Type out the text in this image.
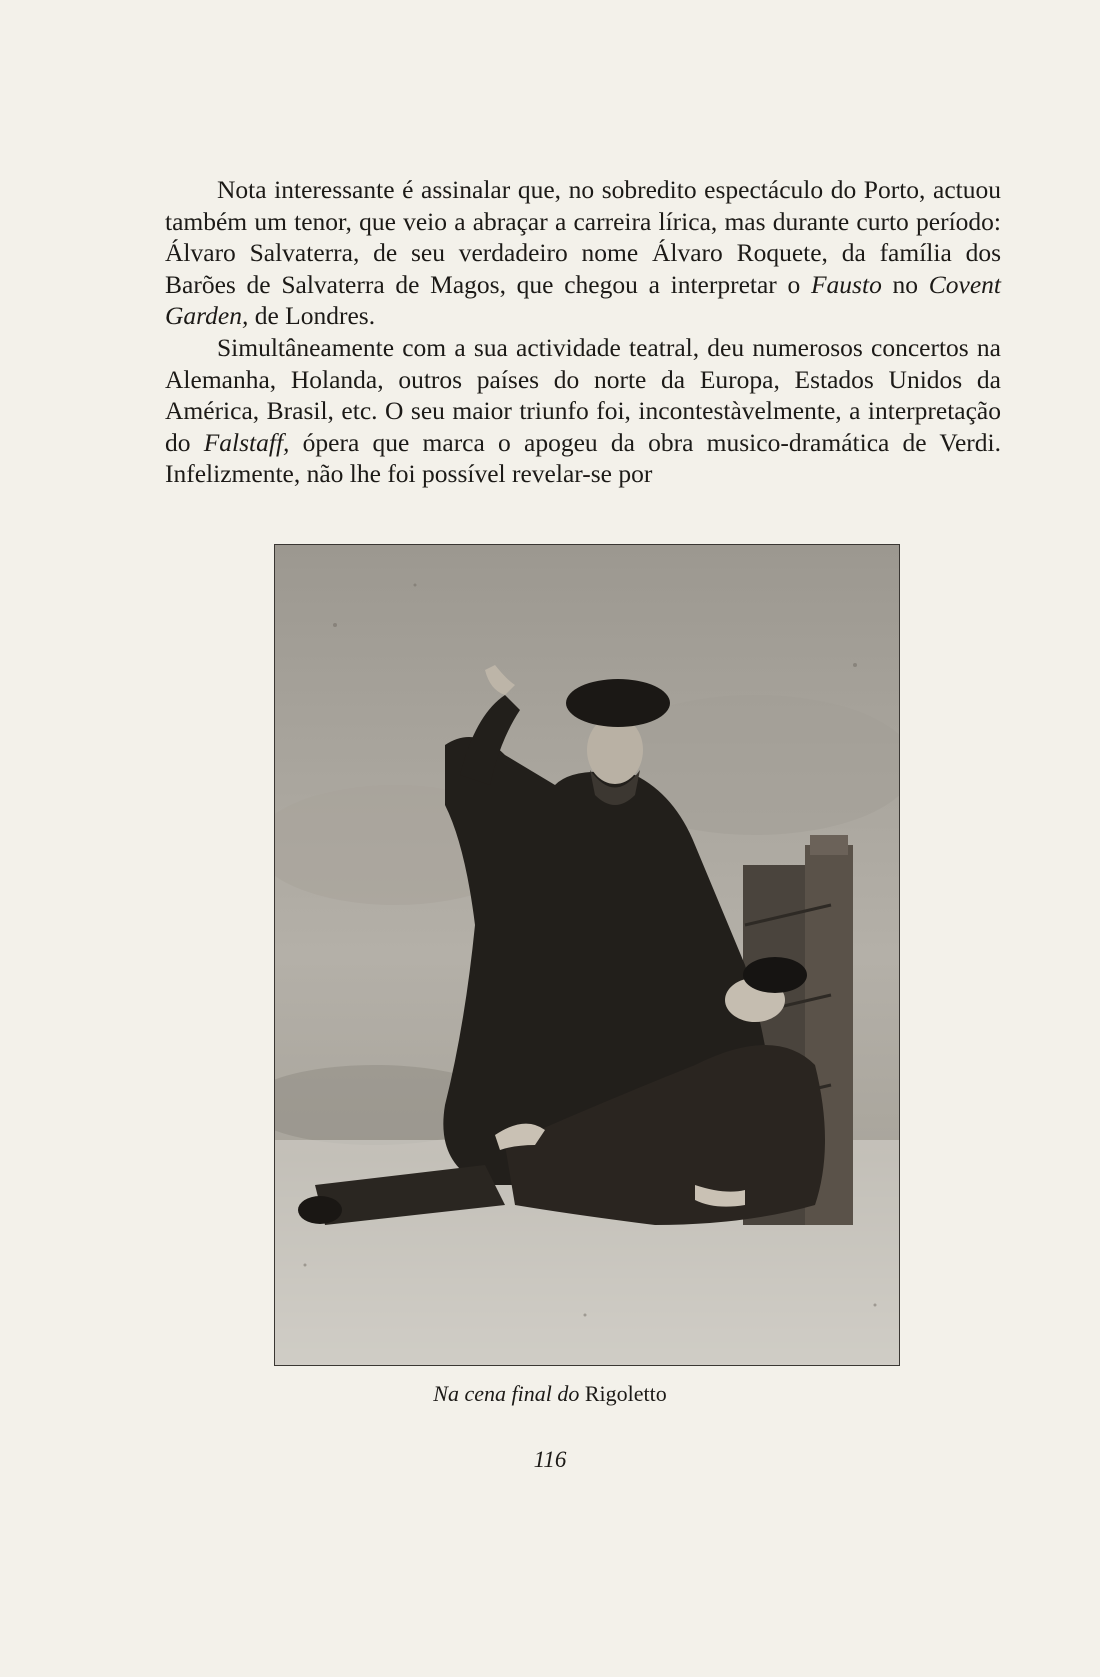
Nota interessante é assinalar que, no sobredito espectáculo do Porto, actuou também um tenor, que veio a abraçar a carreira lírica, mas durante curto período: Álvaro Salvaterra, de seu verdadeiro nome Álvaro Roquete, da família dos Barões de Salvaterra de Magos, que chegou a interpretar o Fausto no Covent Garden, de Londres.

Simultâneamente com a sua actividade teatral, deu numerosos concertos na Alemanha, Holanda, outros países do norte da Europa, Estados Unidos da América, Brasil, etc. O seu maior triunfo foi, incontestàvelmente, a interpretação do Falstaff, ópera que marca o apogeu da obra musico-dramática de Verdi. Infelizmente, não lhe foi possível revelar-se por

Na cena final do Rigoletto
116
